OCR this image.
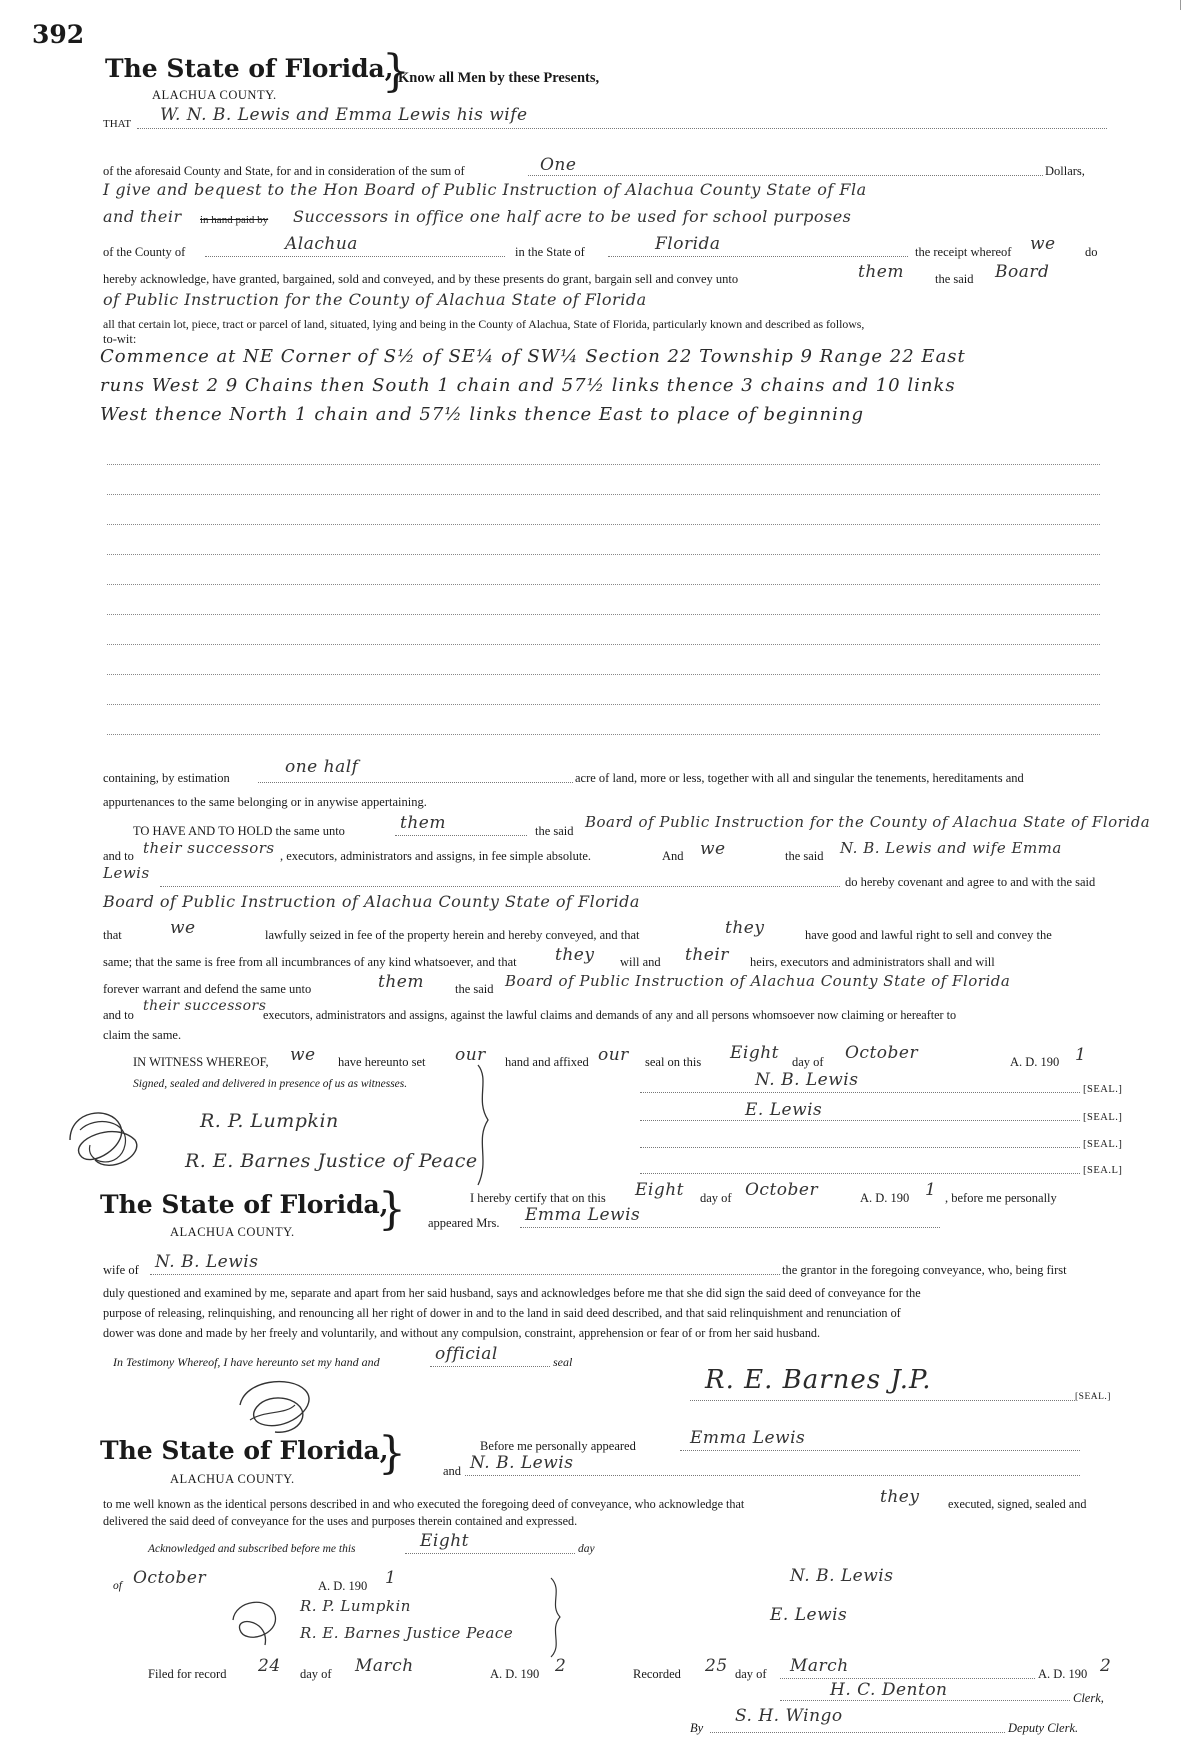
392
The State of Florida,
}
Know all Men by these Presents,
ALACHUA COUNTY.
THAT W. N. B. Lewis and Emma Lewis his wife
of the aforesaid County and State, for and in consideration of the sum of	One	Dollars,
I give and bequest to the Hon Board of Public Instruction of Alachua County State of Fla
and their in hand paid by Successors in office one half acre to be used for school purposes
of the County of	Alachua	in the State of	Florida	the receipt whereof we do
hereby acknowledge, have granted, bargained, sold and conveyed, and by these presents do grant, bargain sell and convey unto	them the said Board
of Public Instruction for the County of Alachua State of Florida
all that certain lot, piece, tract or parcel of land, situated, lying and being in the County of Alachua, State of Florida, particularly known and described as follows,
to-wit:
Commence at NE Corner of S½ of SE¼ of SW¼ Section 22 Township 9 Range 22 East
runs West 2 9 Chains then South 1 chain and 57½ links thence 3 chains and 10 links
West thence North 1 chain and 57½ links thence East to place of beginning
containing, by estimation
one half
acre of land, more or less, together with all and singular the tenements, hereditaments and
appurtenances to the same belonging or in anywise appertaining.
TO HAVE AND TO HOLD the same unto	them	the said Board of Public Instruction for the County of Alachua State of Florida
and to their successors , executors, administrators and assigns, in fee simple absolute.	And we	the said N. B. Lewis and wife Emma
Lewis	do hereby covenant and agree to and with the said
Board of Public Instruction of Alachua County State of Florida
that	we	lawfully seized in fee of the property herein and hereby conveyed, and that	they	have good and lawful right to sell and convey the
same; that the same is free from all incumbrances of any kind whatsoever, and that they will and their heirs, executors and administrators shall and will
forever warrant and defend the same unto	them the said Board of Public Instruction of Alachua County State of Florida
and to
their successors
executors, administrators and assigns, against the lawful claims and demands of any and all persons whomsoever now claiming or hereafter to
claim the same.
IN WITNESS WHEREOF, we have hereunto set our hand and affixed our seal on this Eight day of October	A. D. 190 1
Signed, sealed and delivered in presence of us as witnesses.	N. B. Lewis	[SEAL.]
E. Lewis	[SEAL.]
[SEAL.]
[SEA.L]
R. P. Lumpkin
R. E. Barnes Justice of Peace
The State of Florida,
}
ALACHUA COUNTY.
I hereby certify that on this Eight day of October	A. D. 190 1 , before me personally
appeared Mrs. Emma Lewis
wife of N. B. Lewis	the grantor in the foregoing conveyance, who, being first
duly questioned and examined by me, separate and apart from her said husband, says and acknowledges before me that she did sign the said deed of conveyance for the
purpose of releasing, relinquishing, and renouncing all her right of dower in and to the land in said deed described, and that said relinquishment and renunciation of
dower was done and made by her freely and voluntarily, and without any compulsion, constraint, apprehension or fear of or from her said husband.
In Testimony Whereof, I have hereunto set my hand and	official	seal
R. E. Barnes J.P.
[SEAL.]
The State of Florida,
}
ALACHUA COUNTY.
Before me personally appeared	Emma Lewis
and N. B. Lewis
to me well known as the identical persons described in and who executed the foregoing deed of conveyance, who acknowledge that	they executed, signed, sealed and
delivered the said deed of conveyance for the uses and purposes therein contained and expressed.
Acknowledged and subscribed before me this	Eight	day
of October	A. D. 190 1	N. B. Lewis
E. Lewis
R. P. Lumpkin
R. E. Barnes Justice Peace
Filed for record 24 day of March	A. D. 190 2	Recorded 25 day of March	A. D. 190 2
H. C. Denton	Clerk,
By
S. H. Wingo
Deputy Clerk.
